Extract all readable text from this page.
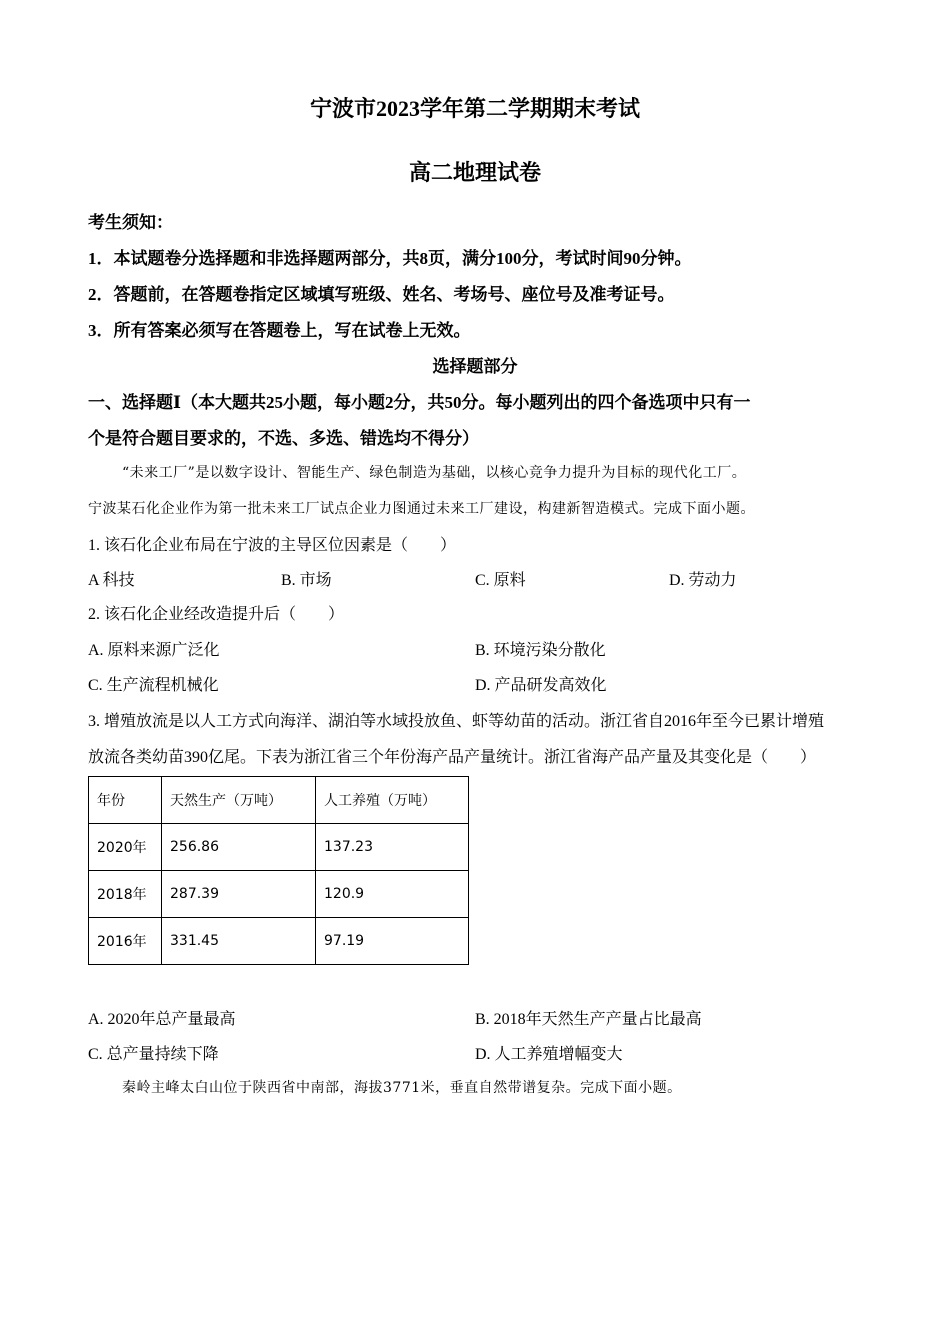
宁波市2023学年第二学期期末考试
高二地理试卷
考生须知：
1．本试题卷分选择题和非选择题两部分，共8页，满分100分，考试时间90分钟。
2．答题前，在答题卷指定区域填写班级、姓名、考场号、座位号及准考证号。
3．所有答案必须写在答题卷上，写在试卷上无效。
选择题部分
一、选择题Ⅰ（本大题共25小题，每小题2分，共50分。每小题列出的四个备选项中只有一
个是符合题目要求的，不选、多选、错选均不得分）
“未来工厂”是以数字设计、智能生产、绿色制造为基础，以核心竞争力提升为目标的现代化工厂。
宁波某石化企业作为第一批未来工厂试点企业力图通过未来工厂建设，构建新智造模式。完成下面小题。
1. 该石化企业布局在宁波的主导区位因素是（　　）
A 科技	B. 市场	C. 原料	D. 劳动力
2. 该石化企业经改造提升后（　　）
A. 原料来源广泛化	B. 环境污染分散化
C. 生产流程机械化	D. 产品研发高效化
3. 增殖放流是以人工方式向海洋、湖泊等水域投放鱼、虾等幼苗的活动。浙江省自2016年至今已累计增殖
放流各类幼苗390亿尾。下表为浙江省三个年份海产品产量统计。浙江省海产品产量及其变化是（　　）
年份	天然生产（万吨）	人工养殖（万吨）
2020年	256.86	137.23
2018年	287.39	120.9
2016年	331.45	97.19
A. 2020年总产量最高	B. 2018年天然生产产量占比最高
C. 总产量持续下降	D. 人工养殖增幅变大
秦岭主峰太白山位于陕西省中南部，海拔3771米，垂直自然带谱复杂。完成下面小题。
